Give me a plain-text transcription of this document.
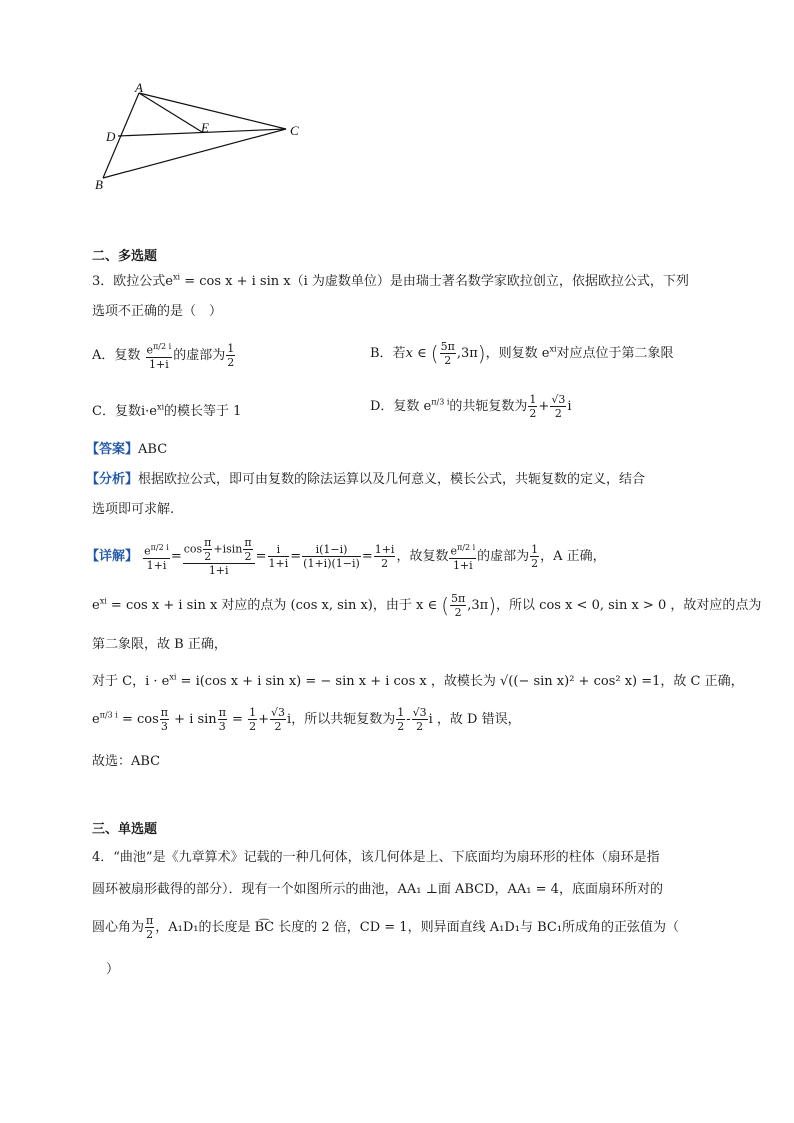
A
D
E	C
B
二、多选题
3．欧拉公式$e^{xi} = \cos x + i$ sin x（i 为虚数单位）是由瑞士著名数学家欧拉创立，依据欧拉公式，下列
选项不正确的是（　）
A．复数 $\frac{e^{\pi/2 i}}{1+i}$ 的虚部为 $\frac{1}{2}$	B．若x ∈ ( $\frac{5\pi}{2} ,3\pi$)，则复数 $e^{xi}$对应点位于第二象限
C．复数$i\cdot e^{xi}$的模长等于 1	D．复数 $e^{\pi/3 i}$的共轭复数为 $\frac{1}{2} + \frac{√3}{2}$ i
【答案】ABC
【分析】根据欧拉公式，即可由复数的除法运算以及几何意义，模长公式，共轭复数的定义，结合
选项即可求解.
【详解】 $\frac{e^{\pi/2 i}}{1+i} = \frac{\cos \frac{\pi}{2} +isin \frac{\pi}{2}}{1+i} = \frac{i}{1+i} = \frac{i(1-i)}{(1+i)(1-i)} = \frac{1+i}{2}$ ，故复数 $\frac{e^{\pi/2 i}}{1+i}$ 的虚部为 $\frac{1}{2}$ ，A 正确，
$e^{xi} = \cos x + i$ sin x 对应的点为 (cos x, sin x)，由于 x ∈ ( $\frac{5\pi}{2} ,3\pi$)，所以 cos x < 0, sin x > 0 ，故对应的点为
第二象限，故 B 正确，
对于 C，$i \cdot e^{xi} = i(\cos$ x + i sin x) = − sin x + i cos x ，故模长为 √((− sin x)² + cos² x) =1，故 C 正确，
$e^{\pi/3 i} = \cos \frac{\pi}{3} + i$ $\sin \frac{\pi}{3} = \frac{1}{2} + \frac{√3}{2}$ i，所以共轭复数为 $\frac{1}{2} - \frac{√3}{2}$ i ，故 D 错误，
故选：ABC
三、单选题
4．“曲池”是《九章算术》记载的一种几何体，该几何体是上、下底面均为扇环形的柱体（扇环是指
圆环被扇形截得的部分）．现有一个如图所示的曲池，AA₁ ⊥面 ABCD，AA₁ = 4，底面扇环所对的
圆心角为 $\frac{\pi}{2}$ ，A₁D₁的长度是 B͡C 长度的 2 倍，CD = 1，则异面直线 A₁D₁与 BC₁所成角的正弦值为（
）
